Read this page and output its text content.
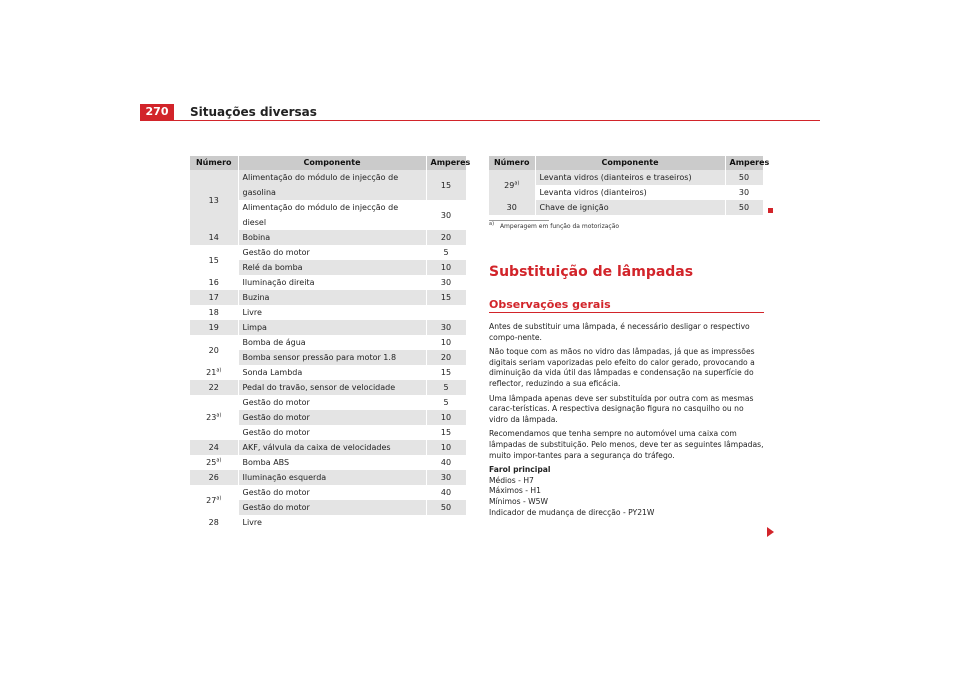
270	Situações diversas
Número	Componente	Amperes
13	Alimentação do módulo de injecção de gasolina	15
	Alimentação do módulo de injecção de diesel	30
14	Bobina	20
15	Gestão do motor	5
	Relé da bomba	10
16	Iluminação direita	30
17	Buzina	15
18	Livre	
19	Limpa	30
20	Bomba de água	10
	Bomba sensor pressão para motor 1.8	20
21$^{a)}$	Sonda Lambda	15
22	Pedal do travão, sensor de velocidade	5
23$^{a)}$	Gestão do motor	5
	Gestão do motor	10
	Gestão do motor	15
24	AKF, válvula da caixa de velocidades	10
25$^{a)}$	Bomba ABS	40
26	Iluminação esquerda	30
27$^{a)}$	Gestão do motor	40
	Gestão do motor	50
28	Livre	
Número	Componente	Amperes
29$^{a)}$	Levanta vidros (dianteiros e traseiros)	50
	Levanta vidros (dianteiros)	30
30	Chave de ignição	50
$^{a)}$ Amperagem em função da motorização
Substituição de lâmpadas
Observações gerais

Antes de substituir uma lâmpada, é necessário desligar o respectivo compo-nente.

Não toque com as mãos no vidro das lâmpadas, já que as impressões digitais seriam vaporizadas pelo efeito do calor gerado, provocando a diminuição da vida útil das lâmpadas e condensação na superfície do reflector, reduzindo a sua eficácia.

Uma lâmpada apenas deve ser substituída por outra com as mesmas carac-terísticas. A respectiva designação figura no casquilho ou no vidro da lâmpada.

Recomendamos que tenha sempre no automóvel uma caixa com lâmpadas de substituição. Pelo menos, deve ter as seguintes lâmpadas, muito impor-tantes para a segurança do tráfego.

Farol principal

Médios - H7

Máximos - H1

Mínimos - W5W

Indicador de mudança de direcção - PY21W
